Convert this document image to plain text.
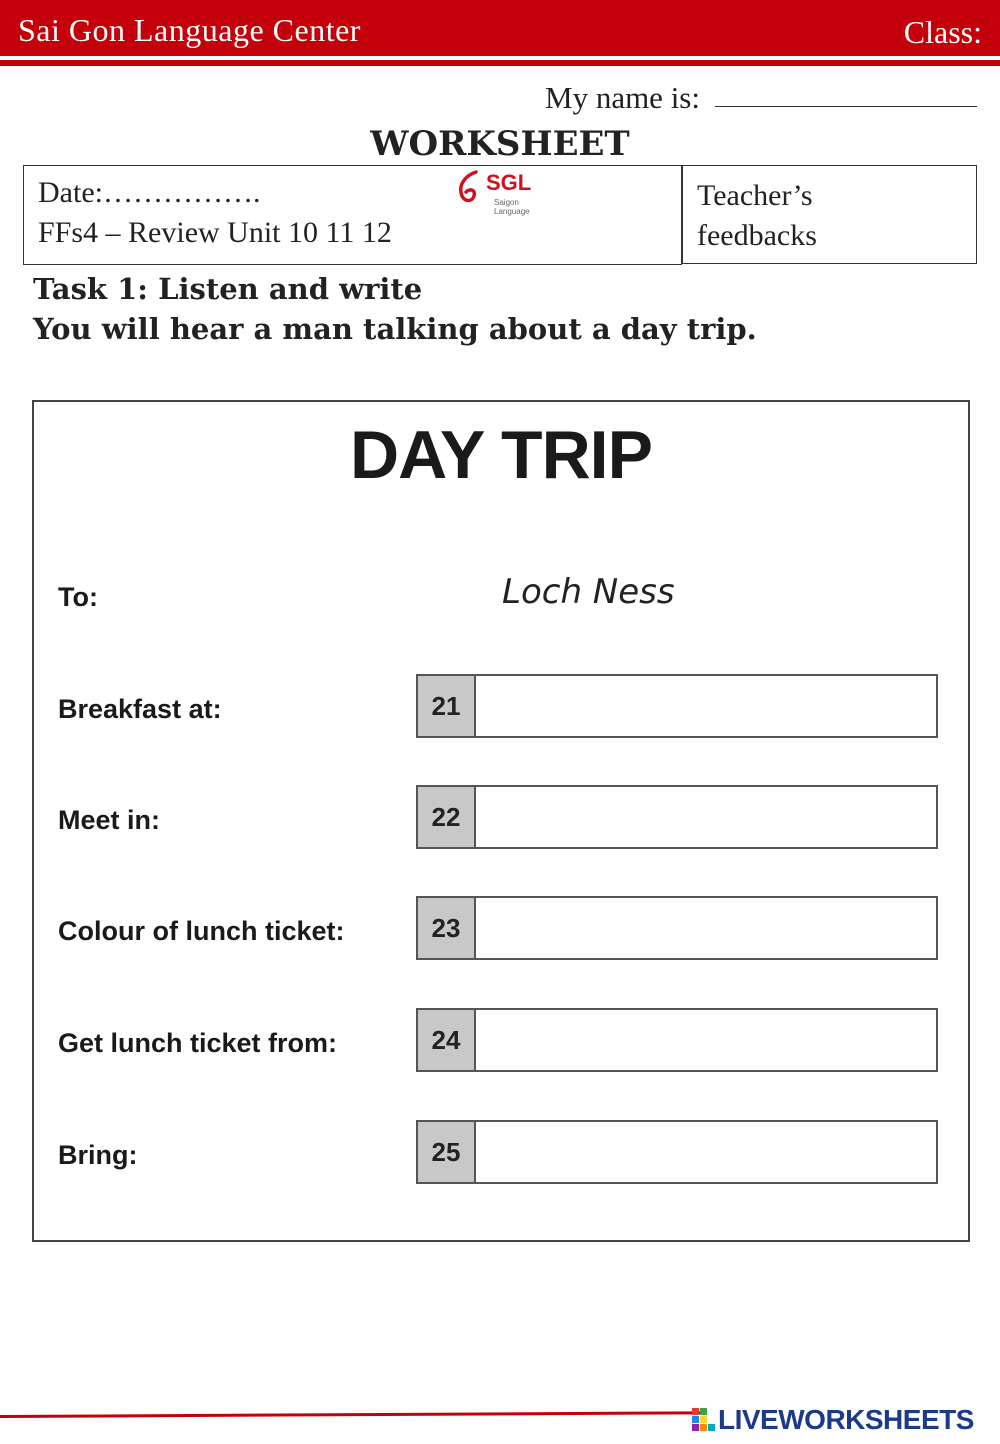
Sai Gon Language Center	Class:
My name is:
WORKSHEET
Date:…………….
FFs4 – Review Unit 10 11 12
SGL
Saigon Language	Teacher’s
feedbacks
Task 1: Listen and write
You will hear a man talking about a day trip.
DAY TRIP
To:	Loch Ness
Breakfast at:	21
Meet in:	22
Colour of lunch ticket:	23
Get lunch ticket from:	24
Bring:	25
LIVEWORKSHEETS
